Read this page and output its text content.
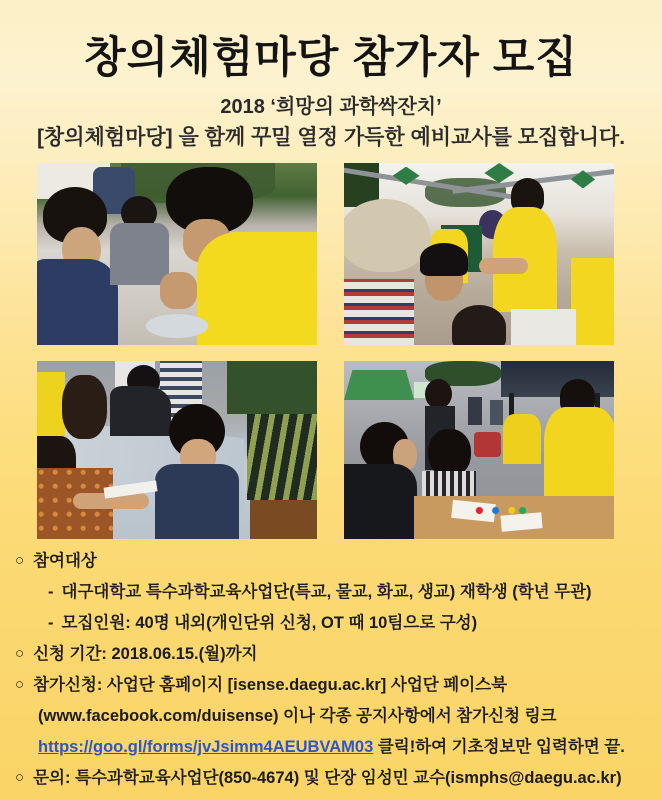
창의체험마당 참가자 모집
2018 ‘희망의 과학싹잔치’
[창의체험마당] 을 함께 꾸밀 열정 가득한 예비교사를 모집합니다.
○ 참여대상
- 대구대학교 특수과학교육사업단(특교, 물교, 화교, 생교) 재학생 (학년 무관)
- 모집인원: 40명 내외(개인단위 신청, OT 때 10팀으로 구성)
○ 신청 기간: 2018.06.15.(월)까지
○ 참가신청: 사업단 홈페이지 [isense.daegu.ac.kr] 사업단 페이스북
(www.facebook.com/duisense) 이나 각종 공지사항에서 참가신청 링크
https://goo.gl/forms/jvJsimm4AEUBVAM03 클릭!하여 기초정보만 입력하면 끝.
○ 문의: 특수과학교육사업단(850-4674) 및 단장 임성민 교수(ismphs@daegu.ac.kr)
